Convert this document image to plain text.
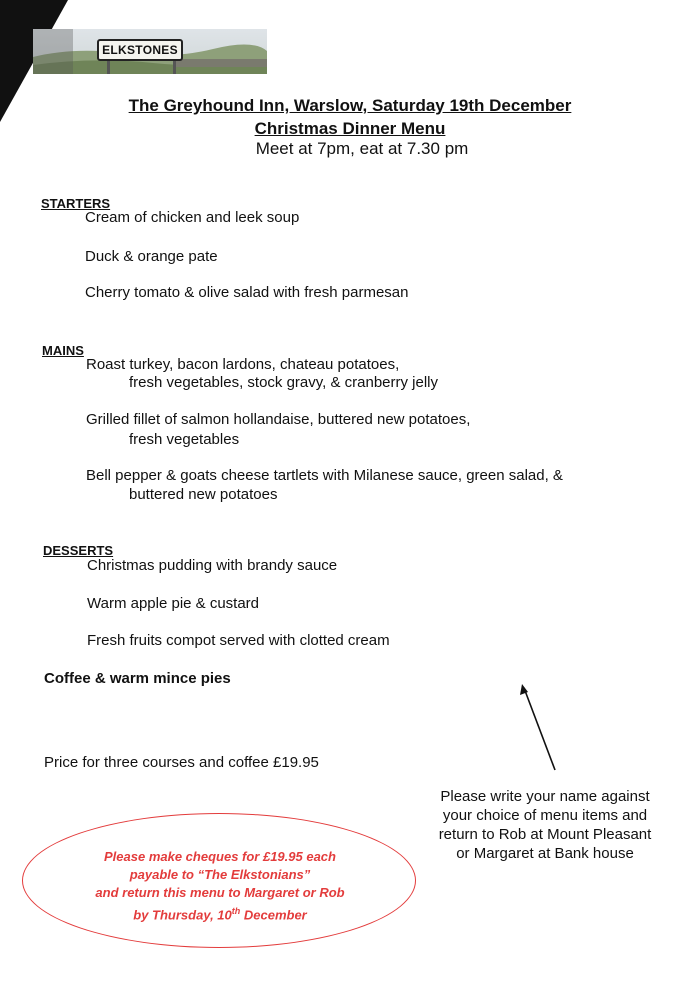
ELKSTONES
The Greyhound Inn, Warslow, Saturday 19th December
Christmas Dinner Menu
Meet at 7pm, eat at 7.30 pm
STARTERS
Cream of chicken and leek soup
Duck & orange pate
Cherry tomato & olive salad with fresh parmesan
MAINS
Roast turkey, bacon lardons, chateau potatoes,
fresh vegetables, stock gravy, & cranberry jelly
Grilled fillet of salmon hollandaise, buttered new potatoes,
fresh vegetables
Bell pepper & goats cheese tartlets with Milanese sauce, green salad, &
buttered new potatoes
DESSERTS
Christmas pudding with brandy sauce
Warm apple pie & custard
Fresh fruits compot served with clotted cream
Coffee & warm mince pies
Price for three courses and coffee £19.95
Please write your name against
your choice of menu items and
return to Rob at Mount Pleasant
or Margaret at Bank house
Please make cheques for £19.95 each
payable to “The Elkstonians”
and return this menu to Margaret or Rob
by Thursday, 10th December
